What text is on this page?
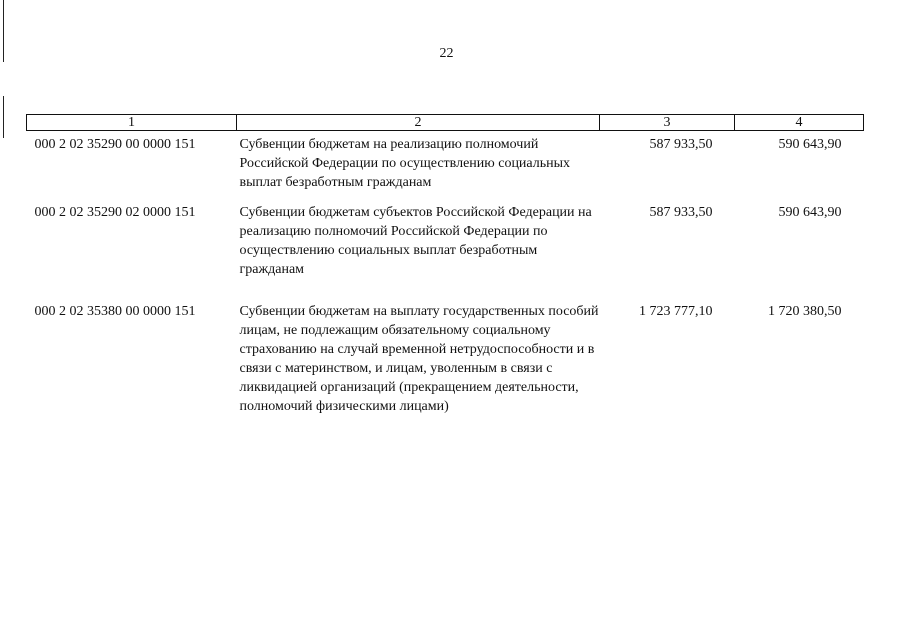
22
1	2	3	4
000 2 02 35290 00 0000 151	Субвенции бюджетам на реализацию полномочий Российской Федерации по осуществлению социальных выплат безработным гражданам	587 933,50	590 643,90
000 2 02 35290 02 0000 151	Субвенции бюджетам субъектов Российской Федерации на реализацию полномочий Российской Федерации по осуществлению социальных выплат безработным гражданам	587 933,50	590 643,90
000 2 02 35380 00 0000 151	Субвенции бюджетам на выплату государственных пособий лицам, не подлежащим обязательному социальному страхованию на случай временной нетрудоспособности и в связи с материнством, и лицам, уволенным в связи с ликвидацией организаций (прекращением деятельности, полномочий физическими лицами)	1 723 777,10	1 720 380,50
